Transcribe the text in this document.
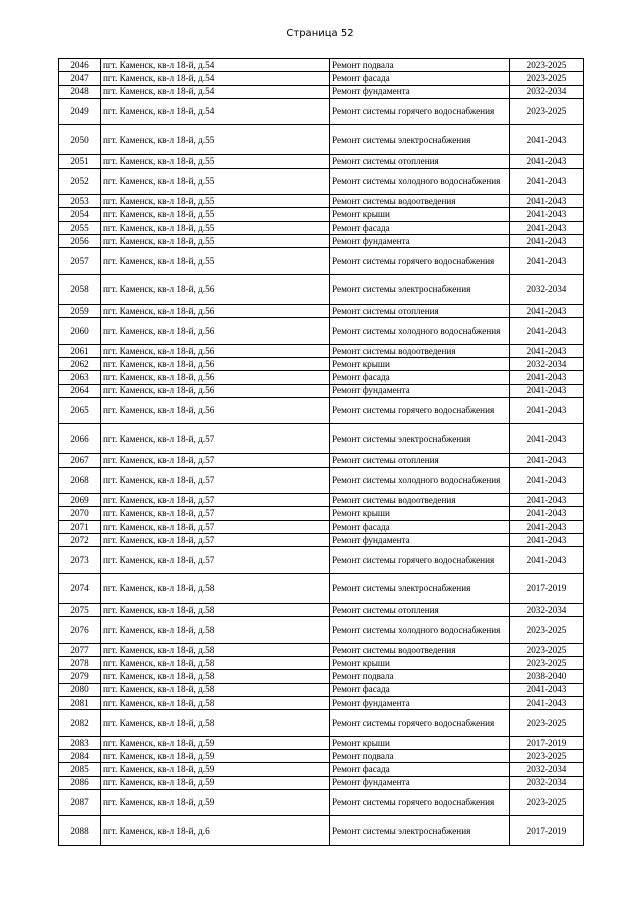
Страница 52
2046	пгт. Каменск, кв-л 18-й, д.54	Ремонт подвала	2023-2025
2047	пгт. Каменск, кв-л 18-й, д.54	Ремонт фасада	2023-2025
2048	пгт. Каменск, кв-л 18-й, д.54	Ремонт фундамента	2032-2034
2049	пгт. Каменск, кв-л 18-й, д.54	Ремонт системы горячего водоснабжения	2023-2025
2050	пгт. Каменск, кв-л 18-й, д.55	Ремонт системы электроснабжения	2041-2043
2051	пгт. Каменск, кв-л 18-й, д.55	Ремонт системы отопления	2041-2043
2052	пгт. Каменск, кв-л 18-й, д.55	Ремонт системы холодного водоснабжения	2041-2043
2053	пгт. Каменск, кв-л 18-й, д.55	Ремонт системы водоотведения	2041-2043
2054	пгт. Каменск, кв-л 18-й, д.55	Ремонт крыши	2041-2043
2055	пгт. Каменск, кв-л 18-й, д.55	Ремонт фасада	2041-2043
2056	пгт. Каменск, кв-л 18-й, д.55	Ремонт фундамента	2041-2043
2057	пгт. Каменск, кв-л 18-й, д.55	Ремонт системы горячего водоснабжения	2041-2043
2058	пгт. Каменск, кв-л 18-й, д.56	Ремонт системы электроснабжения	2032-2034
2059	пгт. Каменск, кв-л 18-й, д.56	Ремонт системы отопления	2041-2043
2060	пгт. Каменск, кв-л 18-й, д.56	Ремонт системы холодного водоснабжения	2041-2043
2061	пгт. Каменск, кв-л 18-й, д.56	Ремонт системы водоотведения	2041-2043
2062	пгт. Каменск, кв-л 18-й, д.56	Ремонт крыши	2032-2034
2063	пгт. Каменск, кв-л 18-й, д.56	Ремонт фасада	2041-2043
2064	пгт. Каменск, кв-л 18-й, д.56	Ремонт фундамента	2041-2043
2065	пгт. Каменск, кв-л 18-й, д.56	Ремонт системы горячего водоснабжения	2041-2043
2066	пгт. Каменск, кв-л 18-й, д.57	Ремонт системы электроснабжения	2041-2043
2067	пгт. Каменск, кв-л 18-й, д.57	Ремонт системы отопления	2041-2043
2068	пгт. Каменск, кв-л 18-й, д.57	Ремонт системы холодного водоснабжения	2041-2043
2069	пгт. Каменск, кв-л 18-й, д.57	Ремонт системы водоотведения	2041-2043
2070	пгт. Каменск, кв-л 18-й, д.57	Ремонт крыши	2041-2043
2071	пгт. Каменск, кв-л 18-й, д.57	Ремонт фасада	2041-2043
2072	пгт. Каменск, кв-л 18-й, д.57	Ремонт фундамента	2041-2043
2073	пгт. Каменск, кв-л 18-й, д.57	Ремонт системы горячего водоснабжения	2041-2043
2074	пгт. Каменск, кв-л 18-й, д.58	Ремонт системы электроснабжения	2017-2019
2075	пгт. Каменск, кв-л 18-й, д.58	Ремонт системы отопления	2032-2034
2076	пгт. Каменск, кв-л 18-й, д.58	Ремонт системы холодного водоснабжения	2023-2025
2077	пгт. Каменск, кв-л 18-й, д.58	Ремонт системы водоотведения	2023-2025
2078	пгт. Каменск, кв-л 18-й, д.58	Ремонт крыши	2023-2025
2079	пгт. Каменск, кв-л 18-й, д.58	Ремонт подвала	2038-2040
2080	пгт. Каменск, кв-л 18-й, д.58	Ремонт фасада	2041-2043
2081	пгт. Каменск, кв-л 18-й, д.58	Ремонт фундамента	2041-2043
2082	пгт. Каменск, кв-л 18-й, д.58	Ремонт системы горячего водоснабжения	2023-2025
2083	пгт. Каменск, кв-л 18-й, д.59	Ремонт крыши	2017-2019
2084	пгт. Каменск, кв-л 18-й, д.59	Ремонт подвала	2023-2025
2085	пгт. Каменск, кв-л 18-й, д.59	Ремонт фасада	2032-2034
2086	пгт. Каменск, кв-л 18-й, д.59	Ремонт фундамента	2032-2034
2087	пгт. Каменск, кв-л 18-й, д.59	Ремонт системы горячего водоснабжения	2023-2025
2088	пгт. Каменск, кв-л 18-й, д.6	Ремонт системы электроснабжения	2017-2019
